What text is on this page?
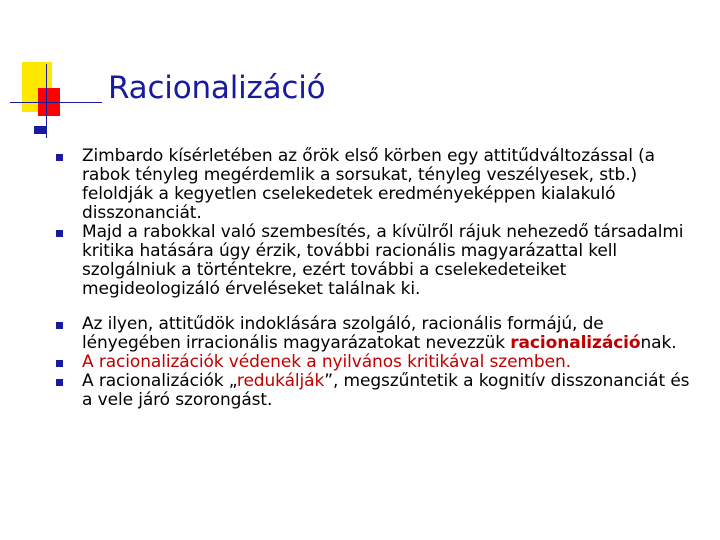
Racionalizáció
Zimbardo kísérletében az őrök első körben egy attitűdváltozással (a rabok tényleg megérdemlik a sorsukat, tényleg veszélyesek, stb.) feloldják a kegyetlen cselekedetek eredményeképpen kialakuló disszonanciát.
Majd a rabokkal való szembesítés, a kívülről rájuk nehezedő társadalmi kritika hatására úgy érzik, további racionális magyarázattal kell szolgálniuk a történtekre, ezért további a cselekedeteiket megideologizáló érveléseket találnak ki.
Az ilyen, attitűdök indoklására szolgáló, racionális formájú, de lényegében irracionális magyarázatokat nevezzük racionalizációnak.
A racionalizációk védenek a nyilvános kritikával szemben.
A racionalizációk „redukálják”, megszűntetik a kognitív disszonanciát és a vele járó szorongást.
